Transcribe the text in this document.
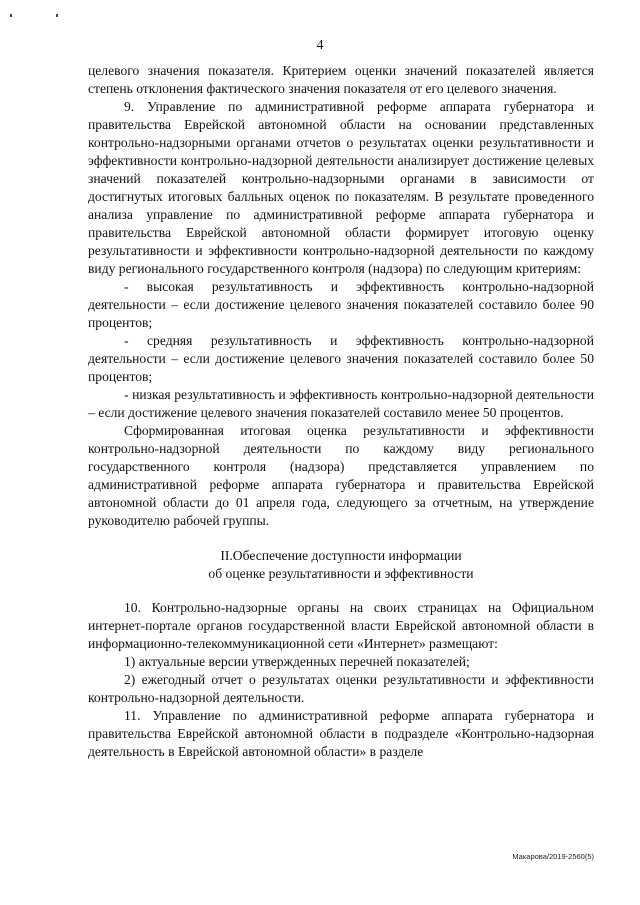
4

целевого значения показателя. Критерием оценки значений показателей является степень отклонения фактического значения показателя от его целевого значения.

9. Управление по административной реформе аппарата губернатора и правительства Еврейской автономной области на основании представленных контрольно-надзорными органами отчетов о результатах оценки результативности и эффективности контрольно-надзорной деятельности анализирует достижение целевых значений показателей контрольно-надзорными органами в зависимости от достигнутых итоговых балльных оценок по показателям. В результате проведенного анализа управление по административной реформе аппарата губернатора и правительства Еврейской автономной области формирует итоговую оценку результативности и эффективности контрольно-надзорной деятельности по каждому виду регионального государственного контроля (надзора) по следующим критериям:

- высокая результативность и эффективность контрольно-надзорной деятельности – если достижение целевого значения показателей составило более 90 процентов;

- средняя результативность и эффективность контрольно-надзорной деятельности – если достижение целевого значения показателей составило более 50 процентов;

- низкая результативность и эффективность контрольно-надзорной деятельности – если достижение целевого значения показателей составило менее 50 процентов.

Сформированная итоговая оценка результативности и эффективности контрольно-надзорной деятельности по каждому виду регионального государственного контроля (надзора) представляется управлением по административной реформе аппарата губернатора и правительства Еврейской автономной области до 01 апреля года, следующего за отчетным, на утверждение руководителю рабочей группы.

II.Обеспечение доступности информации
об оценке результативности и эффективности

10. Контрольно-надзорные органы на своих страницах на Официальном интернет-портале органов государственной власти Еврейской автономной области в информационно-телекоммуникационной сети «Интернет» размещают:

1) актуальные версии утвержденных перечней показателей;

2) ежегодный отчет о результатах оценки результативности и эффективности контрольно-надзорной деятельности.

11. Управление по административной реформе аппарата губернатора и правительства Еврейской автономной области в подразделе «Контрольно-надзорная деятельность в Еврейской автономной области» в разделе

Макарова/2019-2560(5)
